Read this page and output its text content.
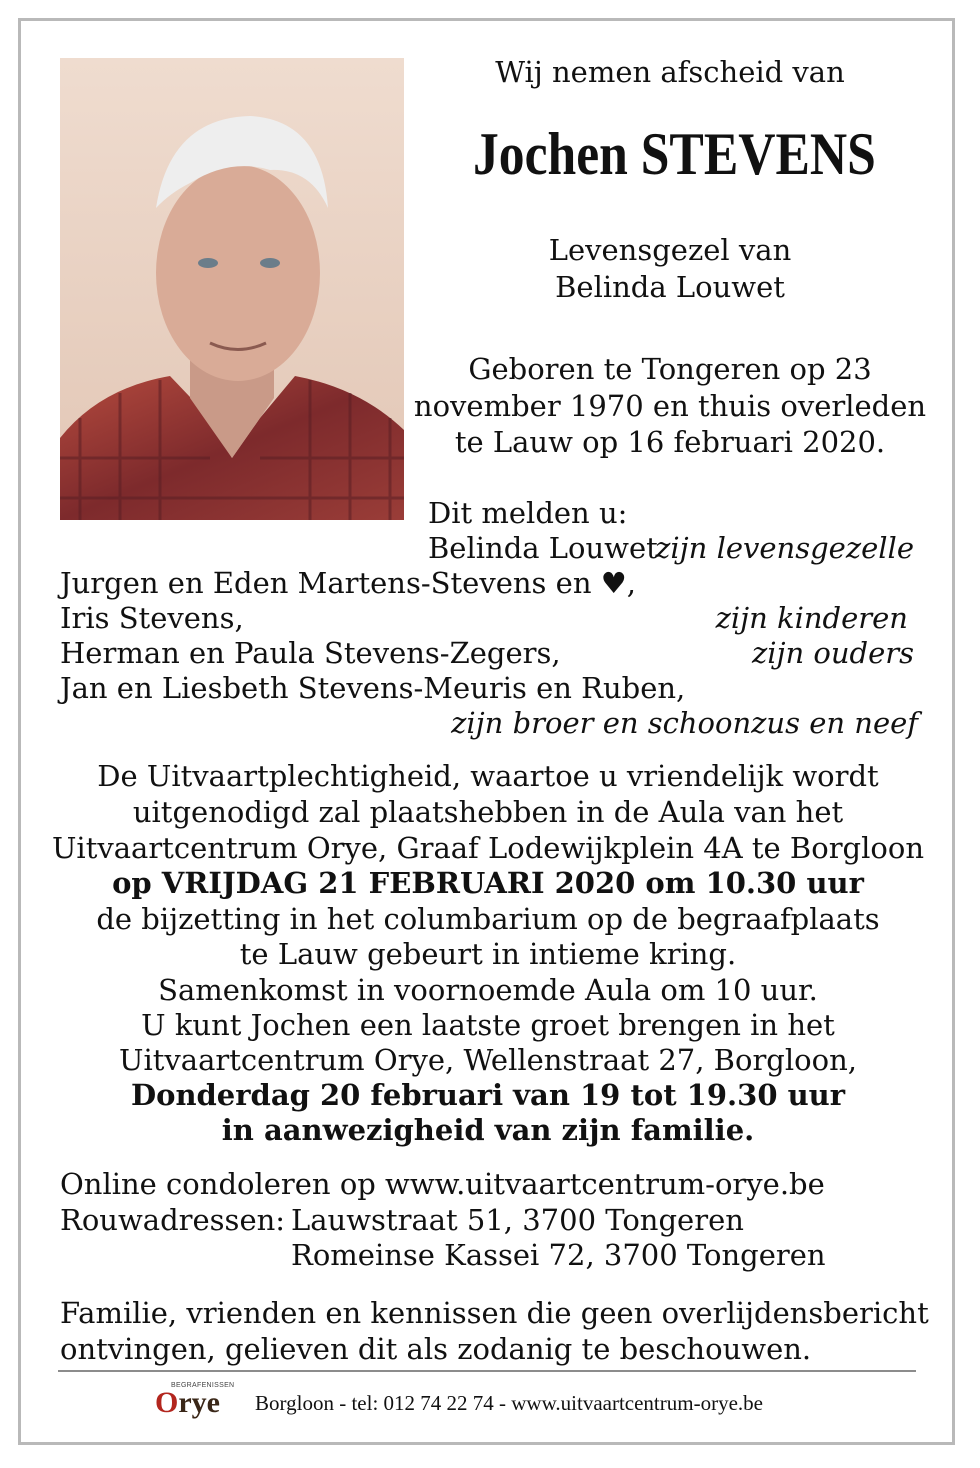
Wij nemen afscheid van
Jochen STEVENS
Levensgezel van
Belinda Louwet
Geboren te Tongeren op 23
november 1970 en thuis overleden
te Lauw op 16 februari 2020.
Dit melden u:
Belinda Louwet
zijn levensgezelle
Jurgen en Eden Martens-Stevens en ♥,
Iris Stevens,	zijn kinderen
Herman en Paula Stevens-Zegers,	zijn ouders
Jan en Liesbeth Stevens-Meuris en Ruben,
zijn broer en schoonzus en neef
De Uitvaartplechtigheid, waartoe u vriendelijk wordt
uitgenodigd zal plaatshebben in de Aula van het
Uitvaartcentrum Orye, Graaf Lodewijkplein 4A te Borgloon
op VRIJDAG 21 FEBRUARI 2020 om 10.30 uur
de bijzetting in het columbarium op de begraafplaats
te Lauw gebeurt in intieme kring.
Samenkomst in voornoemde Aula om 10 uur.
U kunt Jochen een laatste groet brengen in het
Uitvaartcentrum Orye, Wellenstraat 27, Borgloon,
Donderdag 20 februari van 19 tot 19.30 uur
in aanwezigheid van zijn familie.
Online condoleren op www.uitvaartcentrum-orye.be
Rouwadressen: Lauwstraat 51, 3700 Tongeren
Romeinse Kassei 72, 3700 Tongeren
Familie, vrienden en kennissen die geen overlijdensbericht
ontvingen, gelieven dit als zodanig te beschouwen.
BEGRAFENISSEN
Orye Borgloon - tel: 012 74 22 74 - www.uitvaartcentrum-orye.be
